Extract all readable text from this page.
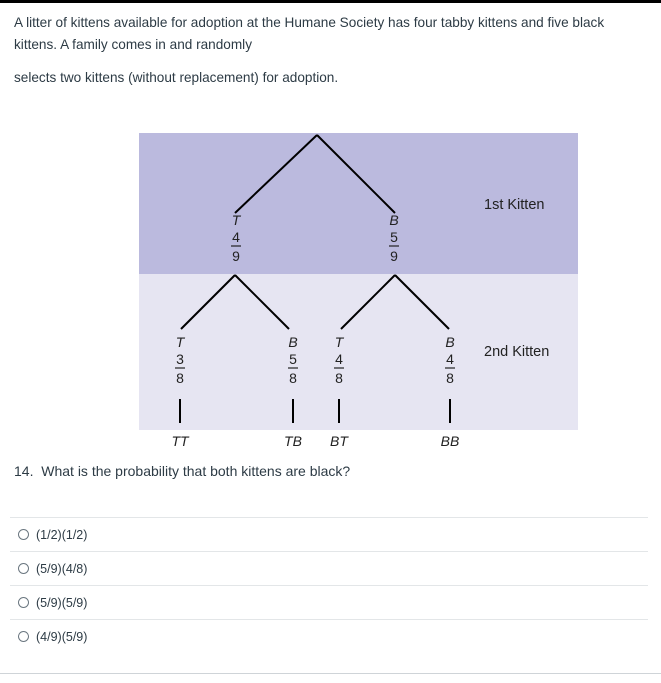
A litter of kittens available for adoption at the Humane Society has four tabby kittens and five black kittens. A family comes in and randomly
selects two kittens (without replacement) for adoption.
T
4
9
B
5
9
T
3
8
B
5
8
T
4
8
B
4
8
1st Kitten
2nd Kitten
TT	TB BT	BB
14. What is the probability that both kittens are black?
(1/2)(1/2)
(5/9)(4/8)
(5/9)(5/9)
(4/9)(5/9)
